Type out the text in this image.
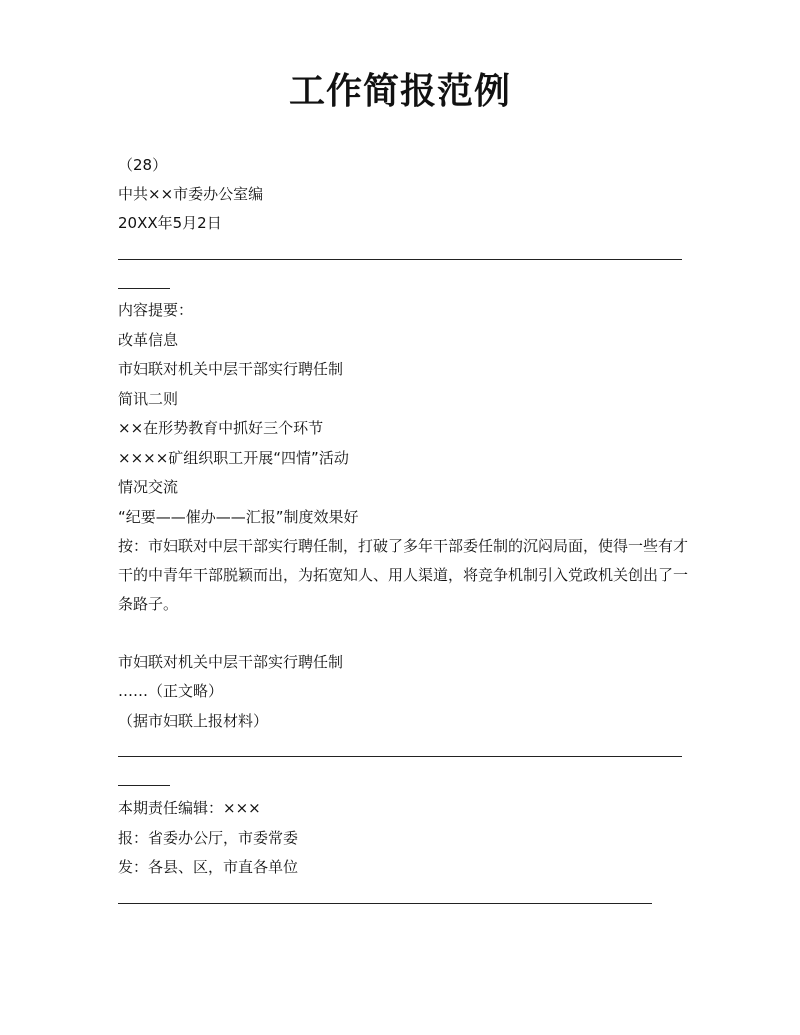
工作简报范例
（28）
中共××市委办公室编
20XX年5月2日
内容提要：
改革信息
市妇联对机关中层干部实行聘任制
简讯二则
××在形势教育中抓好三个环节
××××矿组织职工开展“四情”活动
情况交流
“纪要——催办——汇报”制度效果好
按：市妇联对中层干部实行聘任制，打破了多年干部委任制的沉闷局面，使得一些有才
干的中青年干部脱颖而出，为拓宽知人、用人渠道，将竞争机制引入党政机关创出了一
条路子。
市妇联对机关中层干部实行聘任制
……（正文略）
（据市妇联上报材料）
本期责任编辑：×××
报：省委办公厅，市委常委
发：各县、区，市直各单位
